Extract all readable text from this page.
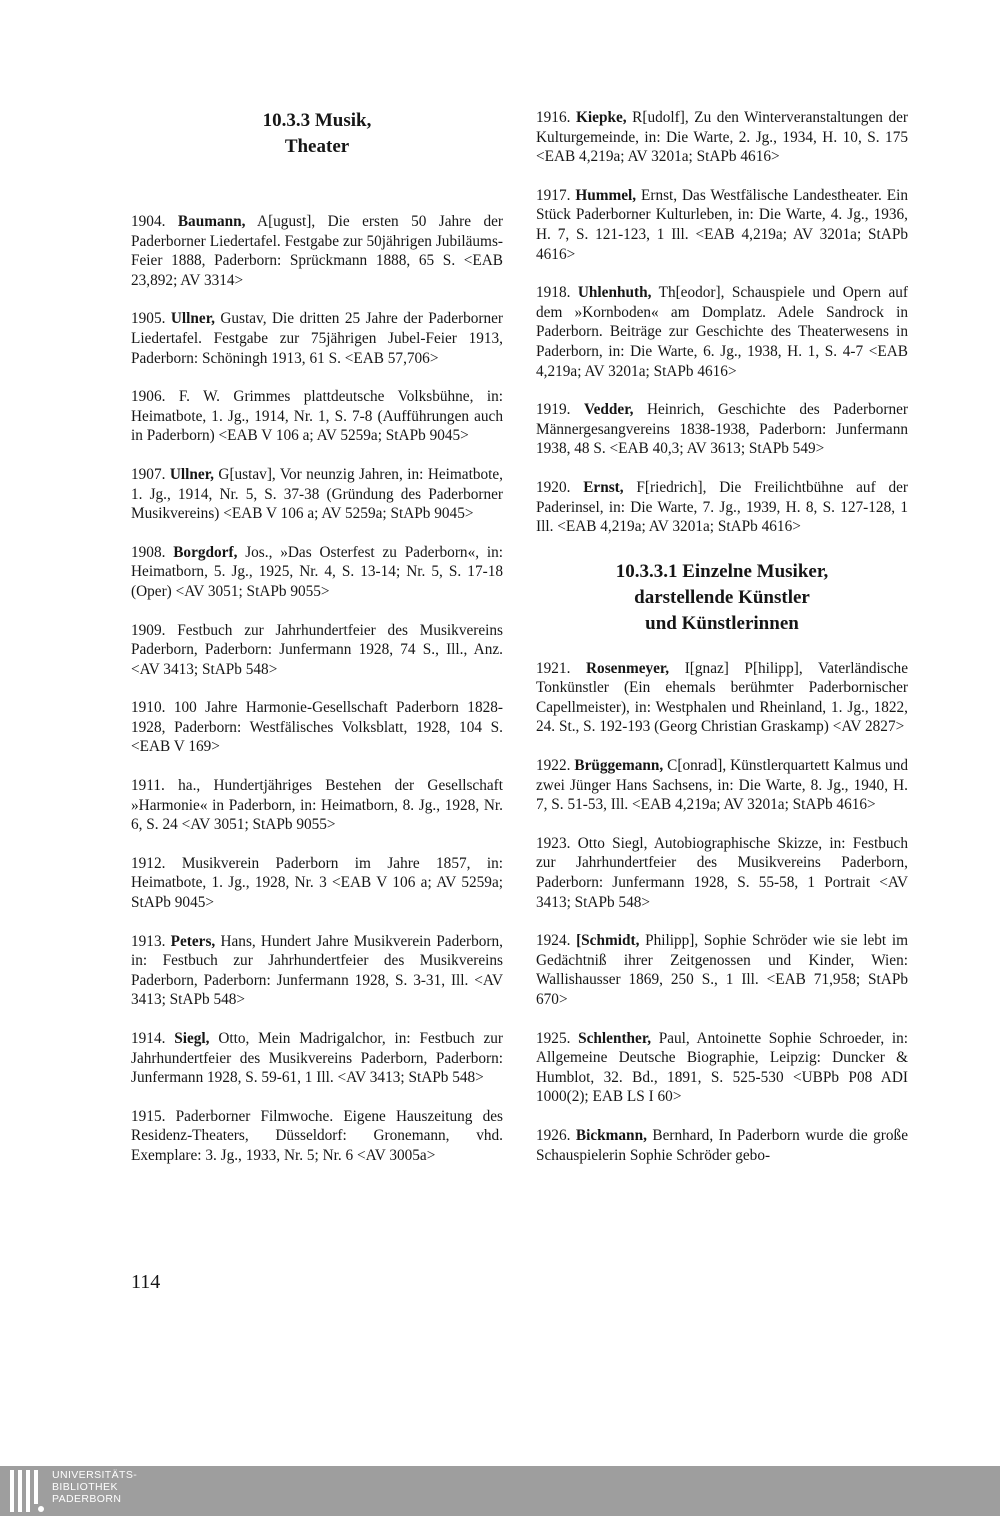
10.3.3 Musik,
Theater

1904. Baumann, A[ugust], Die ersten 50 Jahre der Paderborner Liedertafel. Festgabe zur 50jährigen Jubiläums-Feier 1888, Paderborn: Sprückmann 1888, 65 S. <EAB 23,892; AV 3314>

1905. Ullner, Gustav, Die dritten 25 Jahre der Paderborner Liedertafel. Festgabe zur 75jährigen Jubel-Feier 1913, Paderborn: Schöningh 1913, 61 S. <EAB 57,706>

1906. F. W. Grimmes plattdeutsche Volksbühne, in: Heimatbote, 1. Jg., 1914, Nr. 1, S. 7-8 (Aufführungen auch in Paderborn) <EAB V 106 a; AV 5259a; StAPb 9045>

1907. Ullner, G[ustav], Vor neunzig Jahren, in: Heimatbote, 1. Jg., 1914, Nr. 5, S. 37-38 (Gründung des Paderborner Musikvereins) <EAB V 106 a; AV 5259a; StAPb 9045>

1908. Borgdorf, Jos., »Das Osterfest zu Paderborn«, in: Heimatborn, 5. Jg., 1925, Nr. 4, S. 13-14; Nr. 5, S. 17-18 (Oper) <AV 3051; StAPb 9055>

1909. Festbuch zur Jahrhundertfeier des Musikvereins Paderborn, Paderborn: Junfermann 1928, 74 S., Ill., Anz. <AV 3413; StAPb 548>

1910. 100 Jahre Harmonie-Gesellschaft Paderborn 1828-1928, Paderborn: Westfälisches Volksblatt, 1928, 104 S. <EAB V 169>

1911. ha., Hundertjähriges Bestehen der Gesellschaft »Harmonie« in Paderborn, in: Heimatborn, 8. Jg., 1928, Nr. 6, S. 24 <AV 3051; StAPb 9055>

1912. Musikverein Paderborn im Jahre 1857, in: Heimatbote, 1. Jg., 1928, Nr. 3 <EAB V 106 a; AV 5259a; StAPb 9045>

1913. Peters, Hans, Hundert Jahre Musikverein Paderborn, in: Festbuch zur Jahrhundertfeier des Musikvereins Paderborn, Paderborn: Junfermann 1928, S. 3-31, Ill. <AV 3413; StAPb 548>

1914. Siegl, Otto, Mein Madrigalchor, in: Festbuch zur Jahrhundertfeier des Musikvereins Paderborn, Paderborn: Junfermann 1928, S. 59-61, 1 Ill. <AV 3413; StAPb 548>

1915. Paderborner Filmwoche. Eigene Hauszeitung des Residenz-Theaters, Düsseldorf: Gronemann, vhd. Exemplare: 3. Jg., 1933, Nr. 5; Nr. 6 <AV 3005a>

1916. Kiepke, R[udolf], Zu den Winterveranstaltungen der Kulturgemeinde, in: Die Warte, 2. Jg., 1934, H. 10, S. 175 <EAB 4,219a; AV 3201a; StAPb 4616>

1917. Hummel, Ernst, Das Westfälische Landestheater. Ein Stück Paderborner Kulturleben, in: Die Warte, 4. Jg., 1936, H. 7, S. 121-123, 1 Ill. <EAB 4,219a; AV 3201a; StAPb 4616>

1918. Uhlenhuth, Th[eodor], Schauspiele und Opern auf dem »Kornboden« am Domplatz. Adele Sandrock in Paderborn. Beiträge zur Geschichte des Theaterwesens in Paderborn, in: Die Warte, 6. Jg., 1938, H. 1, S. 4-7 <EAB 4,219a; AV 3201a; StAPb 4616>

1919. Vedder, Heinrich, Geschichte des Paderborner Männergesangvereins 1838-1938, Paderborn: Junfermann 1938, 48 S. <EAB 40,3; AV 3613; StAPb 549>

1920. Ernst, F[riedrich], Die Freilichtbühne auf der Paderinsel, in: Die Warte, 7. Jg., 1939, H. 8, S. 127-128, 1 Ill. <EAB 4,219a; AV 3201a; StAPb 4616>

10.3.3.1 Einzelne Musiker,
darstellende Künstler
und Künstlerinnen

1921. Rosenmeyer, I[gnaz] P[hilipp], Vaterländische Tonkünstler (Ein ehemals berühmter Paderbornischer Capellmeister), in: Westphalen und Rheinland, 1. Jg., 1822, 24. St., S. 192-193 (Georg Christian Graskamp) <AV 2827>

1922. Brüggemann, C[onrad], Künstlerquartett Kalmus und zwei Jünger Hans Sachsens, in: Die Warte, 8. Jg., 1940, H. 7, S. 51-53, Ill. <EAB 4,219a; AV 3201a; StAPb 4616>

1923. Otto Siegl, Autobiographische Skizze, in: Festbuch zur Jahrhundertfeier des Musikvereins Paderborn, Paderborn: Junfermann 1928, S. 55-58, 1 Portrait <AV 3413; StAPb 548>

1924. [Schmidt, Philipp], Sophie Schröder wie sie lebt im Gedächtniß ihrer Zeitgenossen und Kinder, Wien: Wallishausser 1869, 250 S., 1 Ill. <EAB 71,958; StAPb 670>

1925. Schlenther, Paul, Antoinette Sophie Schroeder, in: Allgemeine Deutsche Biographie, Leipzig: Duncker & Humblot, 32. Bd., 1891, S. 525-530 <UBPb P08 ADI 1000(2); EAB LS I 60>

1926. Bickmann, Bernhard, In Paderborn wurde die große Schauspielerin Sophie Schröder gebo-

114
UNIVERSITÄTS-
BIBLIOTHEK
PADERBORN
